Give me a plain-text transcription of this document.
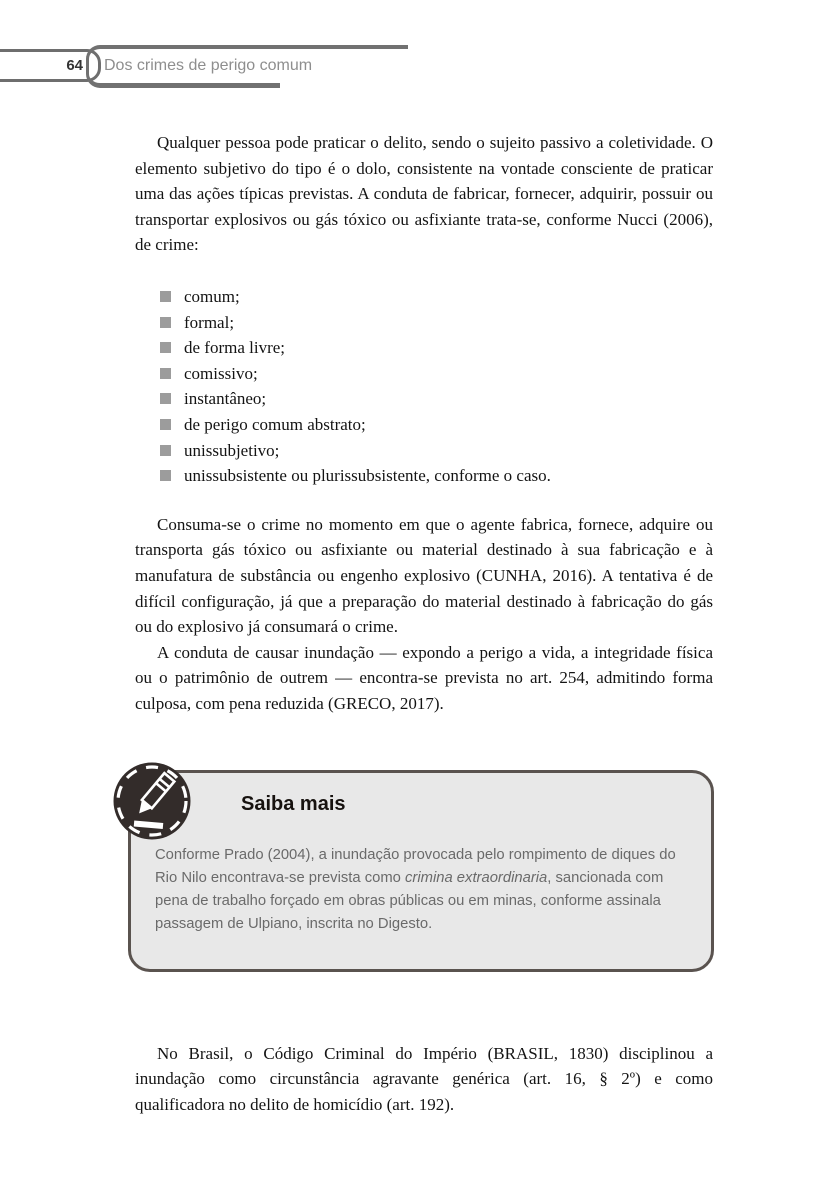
64	Dos crimes de perigo comum

Qualquer pessoa pode praticar o delito, sendo o sujeito passivo a coletividade. O elemento subjetivo do tipo é o dolo, consistente na vontade consciente de praticar uma das ações típicas previstas. A conduta de fabricar, fornecer, adquirir, possuir ou transportar explosivos ou gás tóxico ou asfixiante trata-se, conforme Nucci (2006), de crime:

comum;
formal;
de forma livre;
comissivo;
instantâneo;
de perigo comum abstrato;
unissubjetivo;
unissubsistente ou plurissubsistente, conforme o caso.

Consuma-se o crime no momento em que o agente fabrica, fornece, adquire ou transporta gás tóxico ou asfixiante ou material destinado à sua fabricação e à manufatura de substância ou engenho explosivo (CUNHA, 2016). A tentativa é de difícil configuração, já que a preparação do material destinado à fabricação do gás ou do explosivo já consumará o crime.

A conduta de causar inundação — expondo a perigo a vida, a integridade física ou o patrimônio de outrem — encontra-se prevista no art. 254, admitindo forma culposa, com pena reduzida (GRECO, 2017).

Saiba mais

Conforme Prado (2004), a inundação provocada pelo rompimento de diques do Rio Nilo encontrava-se prevista como crimina extraordinaria, sancionada com pena de trabalho forçado em obras públicas ou em minas, conforme assinala passagem de Ulpiano, inscrita no Digesto.

No Brasil, o Código Criminal do Império (BRASIL, 1830) disciplinou a inundação como circunstância agravante genérica (art. 16, § 2º) e como qualificadora no delito de homicídio (art. 192).
